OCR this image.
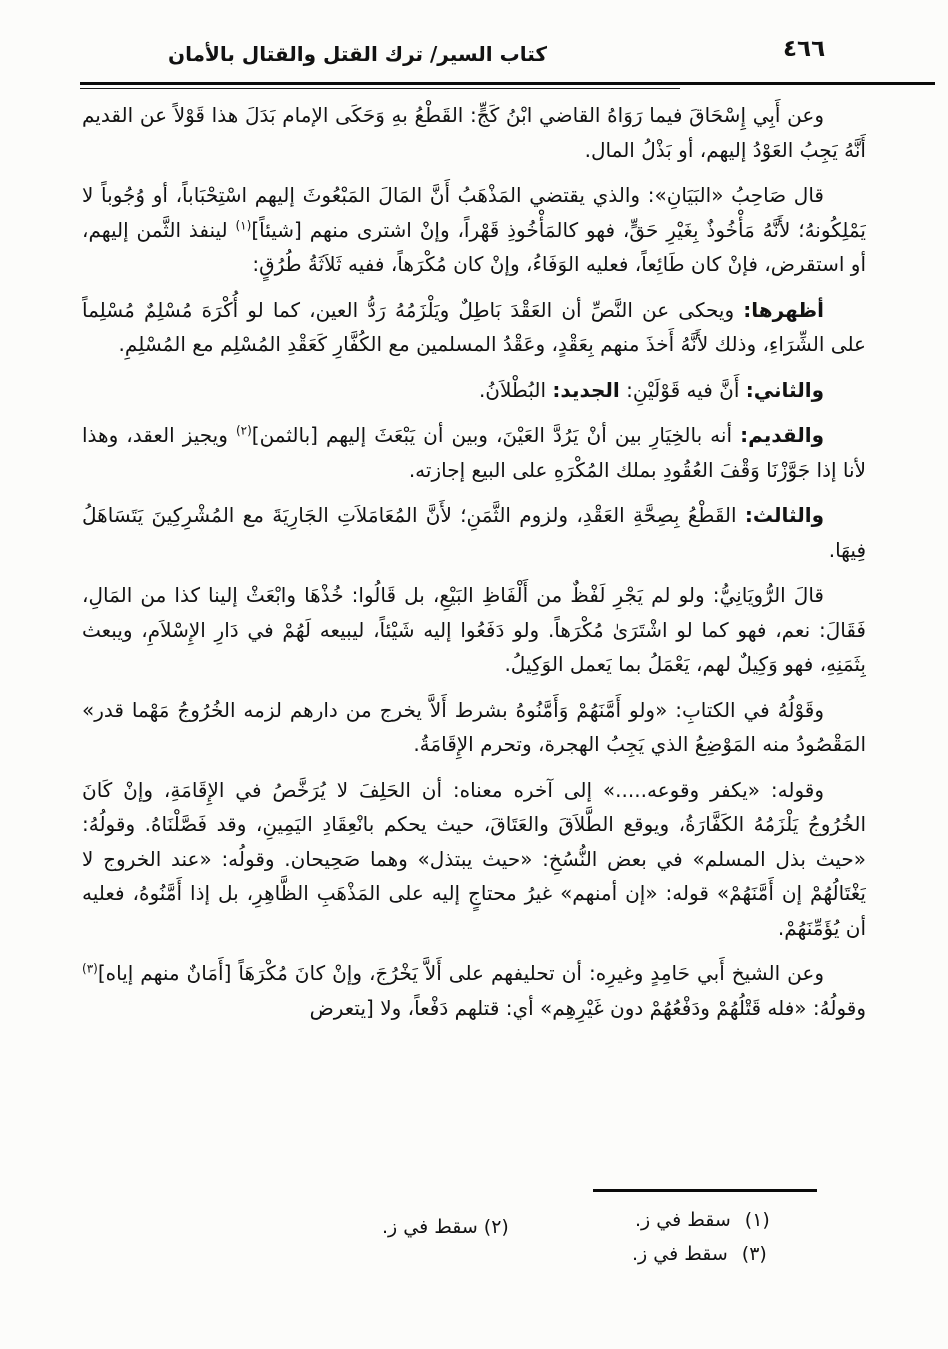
٤٦٦
كتاب السير/ ترك القتل والقتال بالأمان

وعن أَبِي إِسْحَاقَ فيما رَوَاهُ القاضي ابْنُ كَجٍّ: القَطْعُ بهِ وَحَكَى الإمام بَدَلَ هذا قَوْلاً عن القديم أَنَّهُ يَجِبُ العَوْدُ إليهم، أو بَذْلُ المال.

قال صَاحِبُ «البَيَانِ»: والذي يقتضي المَذْهَبُ أَنَّ المَالَ المَبْعُوثَ إليهم اسْتِحْبَاباً، أو وُجُوباً لا يَمْلِكُونهُ؛ لأَنَّهُ مَأْخُوذٌ بِغَيْرِ حَقٍّ، فهو كالمَأْخُوذِ قَهْراً، وإنْ اشترى منهم [شيئاً]$^{(١)}$ لينفذ الثَّمن إليهم، أو استقرض، فإنْ كان طَائِعاً، فعليه الوَفَاءُ، وإنْ كان مُكْرَهاً، ففيه ثَلاَثَةُ طُرُقٍ:

أظهرها: ويحكى عن النَّصِّ أن العَقْدَ بَاطِلٌ ويَلْزَمُهُ رَدُّ العين، كما لو أُكْرَهَ مُسْلِمٌ مُسْلِماً على الشِّرَاءِ، وذلك لأَنَّهُ أَخذَ منهم بِعَقْدٍ، وعَقْدُ المسلمين مع الكُفَّارِ كَعَقْدِ المُسْلِم مع المُسْلِمِ.

والثاني: أَنَّ فيه قَوْلَيْنِ: الجديد: البُطْلاَنُ.

والقديم: أنه بالخِيَارِ بين أنْ يَرُدَّ العَيْنَ، وبين أن يَبْعَثَ إليهم [بالثمن]$^{(٢)}$ ويجيز العقد، وهذا لأنا إذا جَوَّزْنَا وَقْفَ العُقُودِ بملك المُكْرَهِ على البيع إجازته.

والثالث: القَطْعُ بِصِحَّةِ العَقْدِ، ولزوم الثَّمَنِ؛ لأَنَّ المُعَامَلاَتِ الجَارِيَةَ مع المُشْرِكِينَ يَتَسَاهَلُ فِيهَا.

قالَ الرُّويَانِيُّ: ولو لم يَجْرِ لَفْظٌ من أَلْفَاظِ البَيْعِ، بل قَالُوا: خُذْهَا وابْعَثْ إلينا كذا من المَالِ، فَقَالَ: نعم، فهو كما لو اشْتَرَىٰ مُكْرَهاً. ولو دَفَعُوا إليه شَيْئاً، ليبيعه لَهُمْ في دَارِ الإِسْلاَمِ، ويبعث بِثَمَنِهِ، فهو وَكِيلٌ لهم، يَعْمَلُ بما يَعمل الوَكِيلُ.

وقَوْلُهُ في الكتابِ: «ولو أَمَّنَهُمْ وَأَمَّنُوهُ بشرط أَلاَّ يخرج من دارهم لزمه الخُرُوجُ مَهْما قدر» المَقْصُودُ منه المَوْضِعُ الذي يَجِبُ الهجرة، وتحرم الإِقَامَةُ.

وقوله: «يكفر وقوعه.....» إلى آخره معناه: أن الحَلِفَ لا يُرَخَّصُ في الإِقَامَةِ، وإنْ كَانَ الخُرُوجُ يَلْزَمُهُ الكَفَّارَةُ، ويوقع الطَّلاَقَ والعَتَاقَ، حيث يحكم بانْعِقَادِ اليَمِينِ، وقد فَصَّلْنَاهُ. وقولُهُ: «حيث بذل المسلم» في بعض النُّسُخِ: «حيث يبتذل» وهما صَحِيحان. وقولُه: «عند الخروج لا يَغْتَالُهُمْ إن أَمَّنَهُمْ» قوله: «إن أمنهم» غيرُ محتاجٍ إليه على المَذْهَبِ الظَّاهِرِ، بل إذا أَمَّنُوهُ، فعليه أن يُؤَمِّنَهُمْ.

وعن الشيخ أَبي حَامِدٍ وغيرِه: أن تحليفهم على أَلاَّ يَخْرُجَ، وإنْ كانَ مُكْرَهَاً [أَمَانٌ منهم إياه]$^{(٣)}$ وقولُهُ: «فله قَتْلُهُمْ ودَفْعُهُمْ دون غَيْرِهِم» أي: قتلهم دَفْعاً، ولا [يتعرض

(١)
سقط في ز.
(٢)
سقط في ز.
(٣)
سقط في ز.
